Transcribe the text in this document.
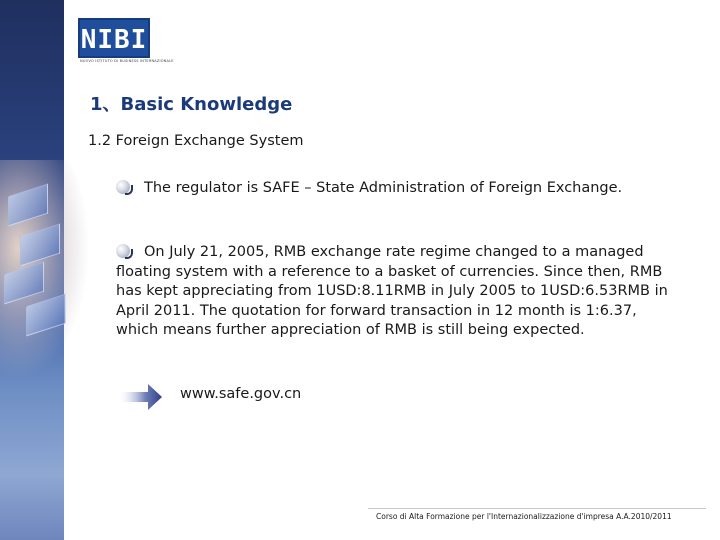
NIBI
NUOVO ISTITUTO DI BUSINESS INTERNAZIONALE
1、Basic Knowledge
1.2 Foreign Exchange System
The regulator is SAFE – State Administration of Foreign Exchange.
On July 21, 2005, RMB exchange rate regime changed to a managed floating system with a reference to a basket of currencies. Since then, RMB has kept appreciating from 1USD:8.11RMB in July 2005 to 1USD:6.53RMB in April 2011. The quotation for forward transaction in 12 month is 1:6.37, which means further appreciation of RMB is still being expected.
www.safe.gov.cn
Corso di Alta Formazione per l'Internazionalizzazione d'impresa A.A.2010/2011
